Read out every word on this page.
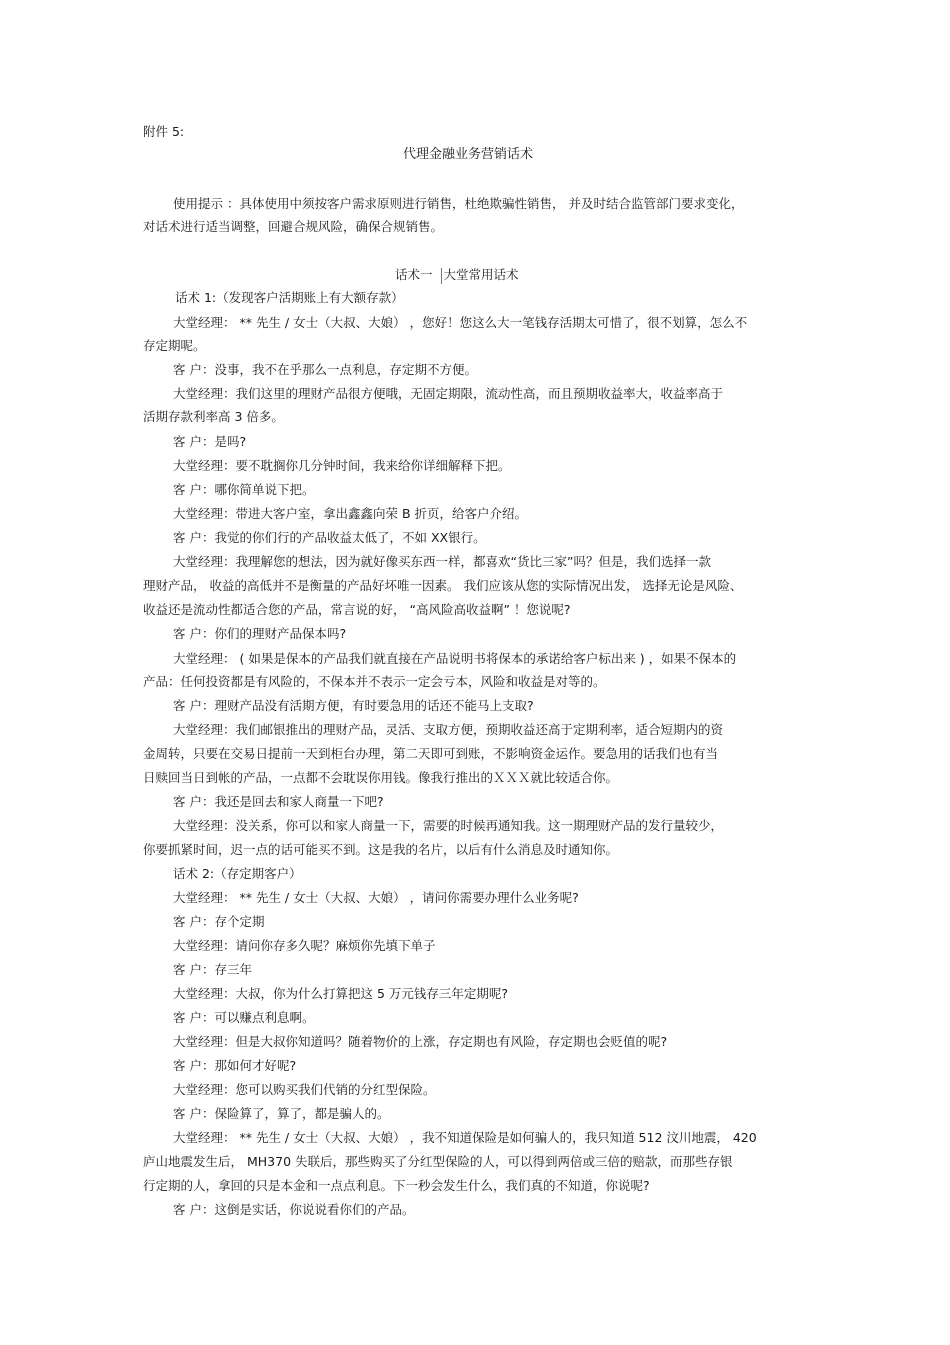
附件 5:
代理金融业务营销话术
使用提示 ：具体使用中须按客户需求原则进行销售，杜绝欺骗性销售， 并及时结合监管部门要求变化，
对话术进行适当调整，回避合规风险，确保合规销售。
话术一 大堂常用话术
话术 1:（发现客户活期账上有大额存款）
大堂经理： ** 先生 / 女士（大叔、大娘） ，您好！您这么大一笔钱存活期太可惜了，很不划算，怎么不
存定期呢。
客 户：没事，我不在乎那么一点利息，存定期不方便。
大堂经理：我们这里的理财产品很方便哦，无固定期限，流动性高，而且预期收益率大，收益率高于
活期存款利率高 3 倍多。
客 户：是吗?
大堂经理：要不耽搁你几分钟时间，我来给你详细解释下把。
客 户：哪你简单说下把。
大堂经理：带进大客户室，拿出鑫鑫向荣 B 折页，给客户介绍。
客 户：我觉的你们行的产品收益太低了，不如 XX银行。
大堂经理：我理解您的想法，因为就好像买东西一样，都喜欢“货比三家”吗？但是，我们选择一款
理财产品， 收益的高低并不是衡量的产品好坏唯一因素。 我们应该从您的实际情况出发， 选择无论是风险、
收益还是流动性都适合您的产品，常言说的好， “高风险高收益啊” ！您说呢?
客 户：你们的理财产品保本吗?
大堂经理： ( 如果是保本的产品我们就直接在产品说明书将保本的承诺给客户标出来 ) ，如果不保本的
产品：任何投资都是有风险的，不保本并不表示一定会亏本，风险和收益是对等的。
客 户：理财产品没有活期方便，有时要急用的话还不能马上支取?
大堂经理：我们邮银推出的理财产品，灵活、支取方便，预期收益还高于定期利率，适合短期内的资
金周转，只要在交易日提前一天到柜台办理，第二天即可到账，不影响资金运作。要急用的话我们也有当
日赎回当日到帐的产品，一点都不会耽误你用钱。像我行推出的ＸＸＸ就比较适合你。
客 户：我还是回去和家人商量一下吧?
大堂经理：没关系，你可以和家人商量一下，需要的时候再通知我。这一期理财产品的发行量较少，
你要抓紧时间，迟一点的话可能买不到。这是我的名片，以后有什么消息及时通知你。
话术 2:（存定期客户）
大堂经理： ** 先生 / 女士（大叔、大娘） ，请问你需要办理什么业务呢?
客 户：存个定期
大堂经理：请问你存多久呢？麻烦你先填下单子
客 户：存三年
大堂经理：大叔，你为什么打算把这 5 万元钱存三年定期呢?
客 户：可以赚点利息啊。
大堂经理：但是大叔你知道吗？随着物价的上涨，存定期也有风险，存定期也会贬值的呢?
客 户：那如何才好呢?
大堂经理：您可以购买我们代销的分红型保险。
客 户：保险算了，算了，都是骗人的。
大堂经理： ** 先生 / 女士（大叔、大娘） ，我不知道保险是如何骗人的，我只知道 512 汶川地震， 420
庐山地震发生后， MH370 失联后，那些购买了分红型保险的人，可以得到两倍或三倍的赔款，而那些存银
行定期的人，拿回的只是本金和一点点利息。下一秒会发生什么，我们真的不知道，你说呢?
客 户：这倒是实话，你说说看你们的产品。
